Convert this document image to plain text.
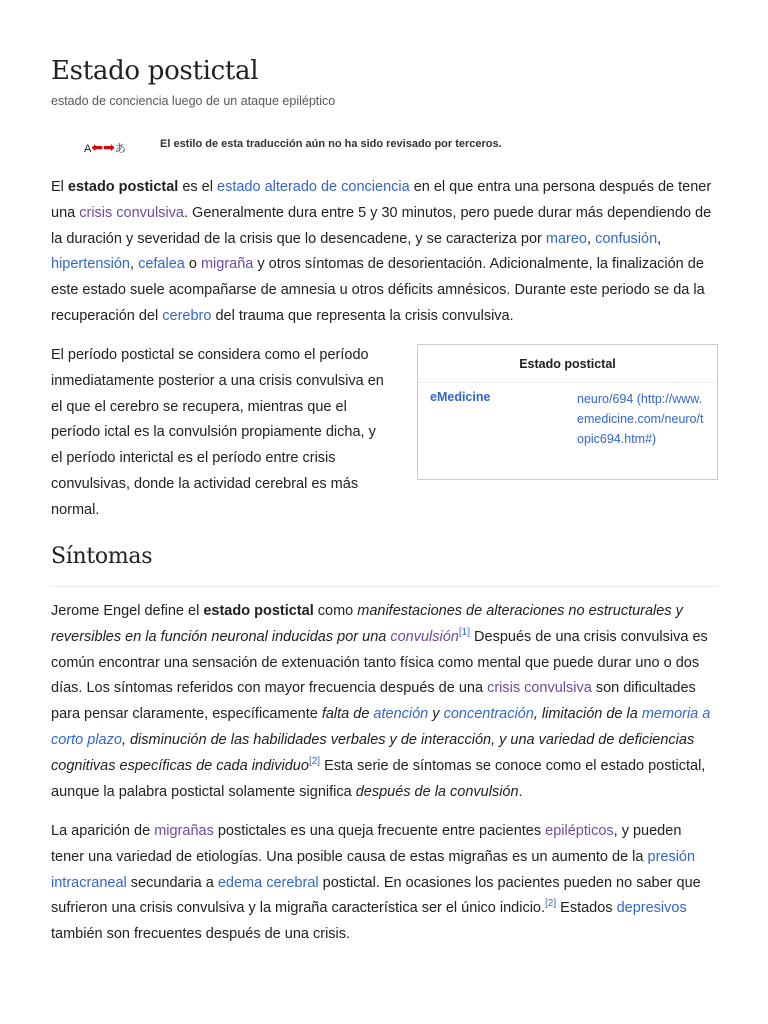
Estado postictal
estado de conciencia luego de un ataque epiléptico
A⬅➡あ	El estilo de esta traducción aún no ha sido revisado por terceros.

El estado postictal es el estado alterado de conciencia en el que entra una persona después de tener una crisis convulsiva. Generalmente dura entre 5 y 30 minutos, pero puede durar más dependiendo de la duración y severidad de la crisis que lo desencadene, y se caracteriza por mareo, confusión, hipertensión, cefalea o migraña y otros síntomas de desorientación. Adicionalmente, la finalización de este estado suele acompañarse de amnesia u otros déficits amnésicos. Durante este periodo se da la recuperación del cerebro del trauma que representa la crisis convulsiva.

El período postictal se considera como el período inmediatamente posterior a una crisis convulsiva en el que el cerebro se recupera, mientras que el período ictal es la convulsión propiamente dicha, y el período interictal es el período entre crisis convulsivas, donde la actividad cerebral es más normal.

Estado postictal
eMedicine	neuro/694 (http://www.emedicine.com/neuro/topic694.htm#)
Síntomas

Jerome Engel define el estado postictal como manifestaciones de alteraciones no estructurales y reversibles en la función neuronal inducidas por una convulsión[1] Después de una crisis convulsiva es común encontrar una sensación de extenuación tanto física como mental que puede durar uno o dos días. Los síntomas referidos con mayor frecuencia después de una crisis convulsiva son dificultades para pensar claramente, específicamente falta de atención y concentración, limitación de la memoria a corto plazo, disminución de las habilidades verbales y de interacción, y una variedad de deficiencias cognitivas específicas de cada individuo[2] Esta serie de síntomas se conoce como el estado postictal, aunque la palabra postictal solamente significa después de la convulsión.

La aparición de migrañas postictales es una queja frecuente entre pacientes epilépticos, y pueden tener una variedad de etiologías. Una posible causa de estas migrañas es un aumento de la presión intracraneal secundaria a edema cerebral postictal. En ocasiones los pacientes pueden no saber que sufrieron una crisis convulsiva y la migraña característica ser el único indicio.[2] Estados depresivos también son frecuentes después de una crisis.
